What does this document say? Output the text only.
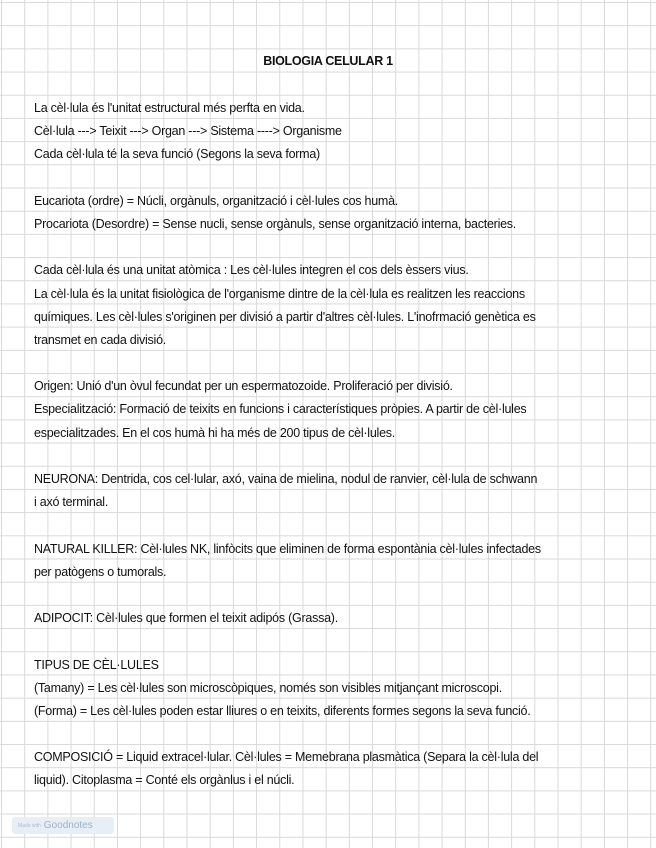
BIOLOGIA CELULAR 1
La cèl·lula és l'unitat estructural més perfta en vida.
Cèl·lula ---> Teixit ---> Organ ---> Sistema ----> Organisme
Cada cèl·lula té la seva funció (Segons la seva forma)
Eucariota (ordre) = Núcli, orgànuls, organització i cèl·lules cos humà.
Procariota (Desordre) = Sense nucli, sense orgànuls, sense organització interna, bacteries.
Cada cèl·lula és una unitat atòmica : Les cèl·lules integren el cos dels èssers vius.
La cèl·lula és la unitat fisiològica de l'organisme dintre de la cèl·lula es realitzen les reaccions
químiques. Les cèl·lules s'originen per divisió a partir d'altres cèl·lules. L'inofrmació genètica es
transmet en cada divisió.
Origen: Unió d'un òvul fecundat per un espermatozoide. Proliferació per divisió.
Especialització: Formació de teixits en funcions i característiques pròpies. A partir de cèl·lules
especialitzades. En el cos humà hi ha més de 200 tipus de cèl·lules.
NEURONA: Dentrida, cos cel·lular, axó, vaina de mielina, nodul de ranvier, cèl·lula de schwann
i axó terminal.
NATURAL KILLER: Cèl·lules NK, linfòcits que eliminen de forma espontània cèl·lules infectades
per patògens o tumorals.
ADIPOCIT: Cèl·lules que formen el teixit adipós (Grassa).
TIPUS DE CÈL·LULES
(Tamany) = Les cèl·lules son microscòpiques, només son visibles mitjançant microscopi.
(Forma) = Les cèl·lules poden estar lliures o en teixits, diferents formes segons la seva funció.
COMPOSICIÓ = Liquid extracel·lular. Cèl·lules = Memebrana plasmàtica (Separa la cèl·lula del
liquid). Citoplasma = Conté els orgànlus i el núcli.
Made with Goodnotes
